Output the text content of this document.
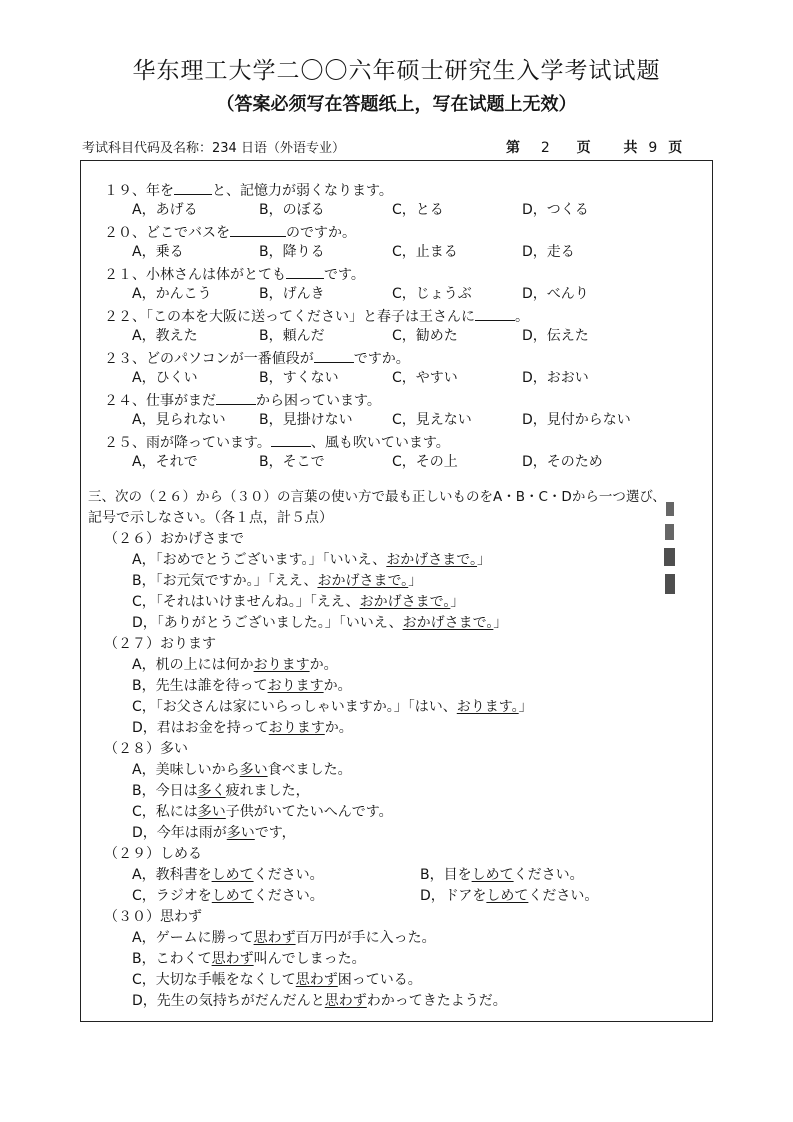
华东理工大学二〇〇六年硕士研究生入学考试试题
（答案必须写在答题纸上，写在试题上无效）
考试科目代码及名称：234 日语（外语专业）	第 2 页 共 9 页
１９、年を	と、記憶力が弱くなります。
A，あげる	B，のぼる	C，とる	D，つくる
２０、どこでバスを	のですか。
A，乗る	B，降りる	C，止まる	D，走る
２１、小林さんは体がとても	です。
A，かんこう	B，げんき	C，じょうぶ	D，べんり
２２、「この本を大阪に送ってください」と春子は王さんに	。
A，教えた	B，頼んだ	C，勧めた	D，伝えた
２３、どのパソコンが一番値段が	ですか。
A，ひくい	B，すくない	C，やすい	D，おおい
２４、仕事がまだ	から困っています。
A，見られない B，見掛けない	C，見えない	D，見付からない
２５、雨が降っています。	、風も吹いています。
A，それで	B，そこで	C，その上	D，そのため
三、次の（２６）から（３０）の言葉の使い方で最も正しいものをA・B・C・Dから一つ選び、
記号で示しなさい。（各１点，計５点）
（２６）おかげさまで
A，「おめでとうございます。」「いいえ、おかげさまで。」
B，「お元気ですか。」「ええ、おかげさまで。」
C，「それはいけませんね。」「ええ、おかげさまで。」
D，「ありがとうございました。」「いいえ、おかげさまで。」
（２７）おります
A，机の上には何かおりますか。
B，先生は誰を待っておりますか。
C，「お父さんは家にいらっしゃいますか。」「はい、おります。」
D，君はお金を持っておりますか。
（２８）多い
A，美味しいから多い食べました。
B，今日は多く疲れました，
C，私には多い子供がいてたいへんです。
D，今年は雨が多いです，
（２９）しめる
A，教科書をしめてください。	B，目をしめてください。
C，ラジオをしめてください。	D，ドアをしめてください。
（３０）思わず
A，ゲームに勝って思わず百万円が手に入った。
B，こわくて思わず叫んでしまった。
C，大切な手帳をなくして思わず困っている。
D，先生の気持ちがだんだんと思わずわかってきたようだ。
